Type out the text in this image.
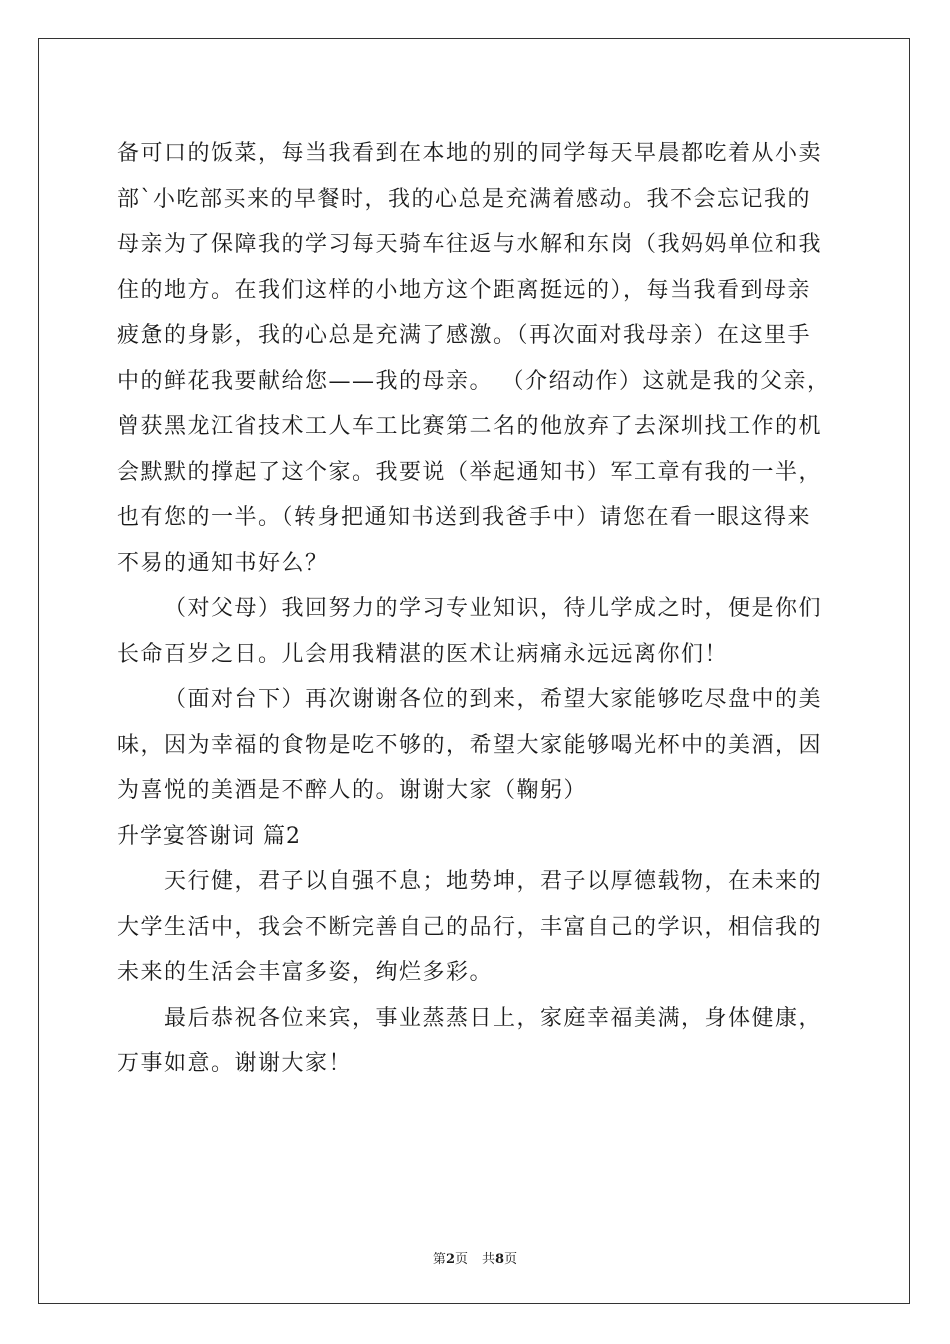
备可口的饭菜，每当我看到在本地的别的同学每天早晨都吃着从小卖
部`小吃部买来的早餐时，我的心总是充满着感动。我不会忘记我的
母亲为了保障我的学习每天骑车往返与水解和东岗（我妈妈单位和我
住的地方。在我们这样的小地方这个距离挺远的），每当我看到母亲
疲惫的身影，我的心总是充满了感激。（再次面对我母亲）在这里手
中的鲜花我要献给您——我的母亲。 （介绍动作）这就是我的父亲，
曾获黑龙江省技术工人车工比赛第二名的他放弃了去深圳找工作的机
会默默的撑起了这个家。我要说（举起通知书）军工章有我的一半，
也有您的一半。（转身把通知书送到我爸手中）请您在看一眼这得来
不易的通知书好么？
（对父母）我回努力的学习专业知识，待儿学成之时，便是你们
长命百岁之日。儿会用我精湛的医术让病痛永远远离你们！
（面对台下）再次谢谢各位的到来，希望大家能够吃尽盘中的美
味，因为幸福的食物是吃不够的，希望大家能够喝光杯中的美酒，因
为喜悦的美酒是不醉人的。谢谢大家（鞠躬）
升学宴答谢词 篇2
天行健，君子以自强不息；地势坤，君子以厚德载物，在未来的
大学生活中，我会不断完善自己的品行，丰富自己的学识，相信我的
未来的生活会丰富多姿，绚烂多彩。
最后恭祝各位来宾，事业蒸蒸日上，家庭幸福美满，身体健康，
万事如意。谢谢大家！
第2页 共8页
